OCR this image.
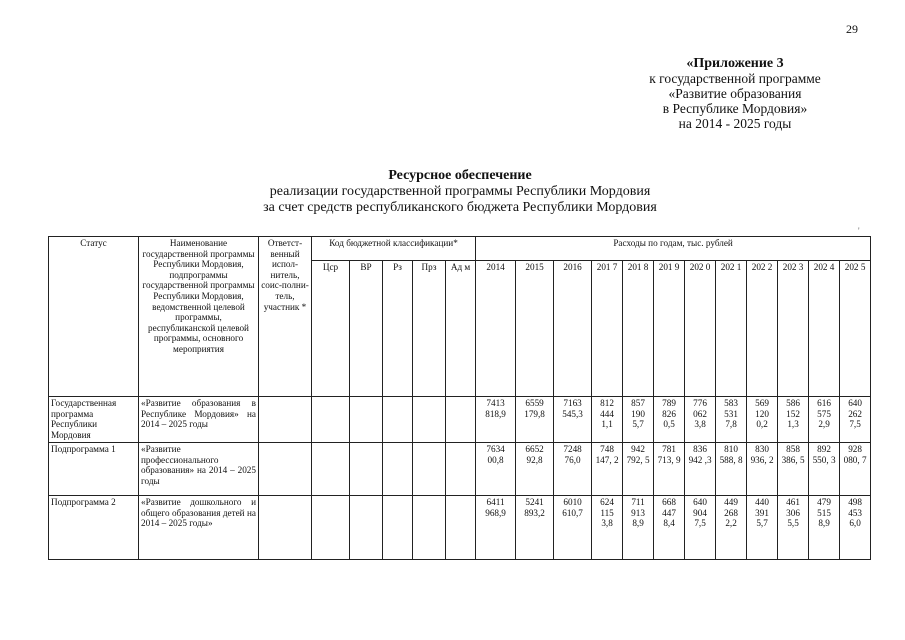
29
«Приложение 3
к государственной программе
«Развитие образования
в Республике Мордовия»
на 2014 - 2025 годы
Ресурсное обеспечение
реализации государственной программы Республики Мордовия
за счет средств республиканского бюджета Республики Мордовия
'
Статус	Наименование государственной программы Республики Мордовия, подпрограммы государственной программы Республики Мордовия, ведомственной целевой программы, республиканской целевой программы, основного мероприятия	Ответст-венный испол-нитель, соис-полни-тель, участник *	Код бюджетной классификации*					Расходы по годам, тыс. рублей											
			Цср	ВР	Рз	Прз	Ад м	2014	2015	2016	201 7	201 8	201 9	202 0	202 1	202 2	202 3	202 4	202 5
Государственная программа Республики Мордовия	«Развитие образования в Республике Мордовия» на 2014 – 2025 годы							7413 818,9	6559 179,8	7163 545,3	812 444 1,1	857 190 5,7	789 826 0,5	776 062 3,8	583 531 7,8	569 120 0,2	586 152 1,3	616 575 2,9	640 262 7,5
Подпрограмма 1	«Развитие профессионального образования» на 2014 – 2025 годы							7634 00,8	6652 92,8	7248 76,0	748 147, 2	942 792, 5	781 713, 9	836 942 ,3	810 588, 8	830 936, 2	858 386, 5	892 550, 3	928 080, 7
Подпрограмма 2	«Развитие дошкольного и общего образования детей на 2014 – 2025 годы»							6411 968,9	5241 893,2	6010 610,7	624 115 3,8	711 913 8,9	668 447 8,4	640 904 7,5	449 268 2,2	440 391 5,7	461 306 5,5	479 515 8,9	498 453 6,0
